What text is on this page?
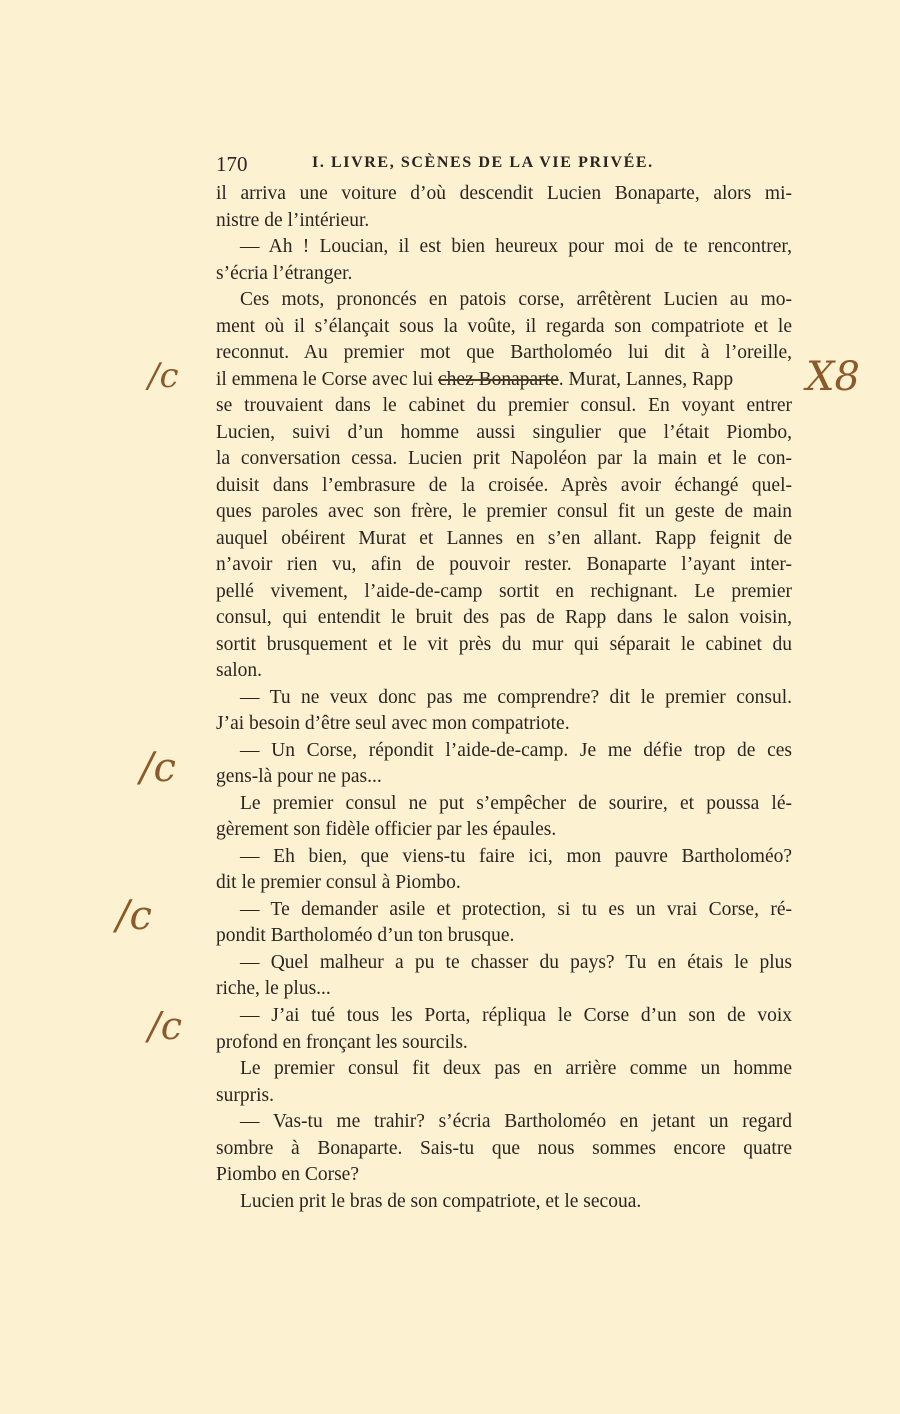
170	I. LIVRE, SCÈNES DE LA VIE PRIVÉE.
il arriva une voiture d’où descendit Lucien Bonaparte, alors mi-
nistre de l’intérieur.
— Ah ! Loucian, il est bien heureux pour moi de te rencontrer,
s’écria l’étranger.
Ces mots, prononcés en patois corse, arrêtèrent Lucien au mo-
ment où il s’élançait sous la voûte, il regarda son compatriote et le
reconnut. Au premier mot que Bartholoméo lui dit à l’oreille,
il emmena le Corse avec lui chez Bonaparte. Murat, Lannes, Rapp
se trouvaient dans le cabinet du premier consul. En voyant entrer
Lucien, suivi d’un homme aussi singulier que l’était Piombo,
la conversation cessa. Lucien prit Napoléon par la main et le con-
duisit dans l’embrasure de la croisée. Après avoir échangé quel-
ques paroles avec son frère, le premier consul fit un geste de main
auquel obéirent Murat et Lannes en s’en allant. Rapp feignit de
n’avoir rien vu, afin de pouvoir rester. Bonaparte l’ayant inter-
pellé vivement, l’aide-de-camp sortit en rechignant. Le premier
consul, qui entendit le bruit des pas de Rapp dans le salon voisin,
sortit brusquement et le vit près du mur qui séparait le cabinet du
salon.
— Tu ne veux donc pas me comprendre? dit le premier consul.
J’ai besoin d’être seul avec mon compatriote.
— Un Corse, répondit l’aide-de-camp. Je me défie trop de ces
gens-là pour ne pas...
Le premier consul ne put s’empêcher de sourire, et poussa lé-
gèrement son fidèle officier par les épaules.
— Eh bien, que viens-tu faire ici, mon pauvre Bartholoméo?
dit le premier consul à Piombo.
— Te demander asile et protection, si tu es un vrai Corse, ré-
pondit Bartholoméo d’un ton brusque.
— Quel malheur a pu te chasser du pays? Tu en étais le plus
riche, le plus...
— J’ai tué tous les Porta, répliqua le Corse d’un son de voix
profond en fronçant les sourcils.
Le premier consul fit deux pas en arrière comme un homme
surpris.
— Vas-tu me trahir? s’écria Bartholoméo en jetant un regard
sombre à Bonaparte. Sais-tu que nous sommes encore quatre
Piombo en Corse?
Lucien prit le bras de son compatriote, et le secoua.
/c	X8
/c
/c
/c
